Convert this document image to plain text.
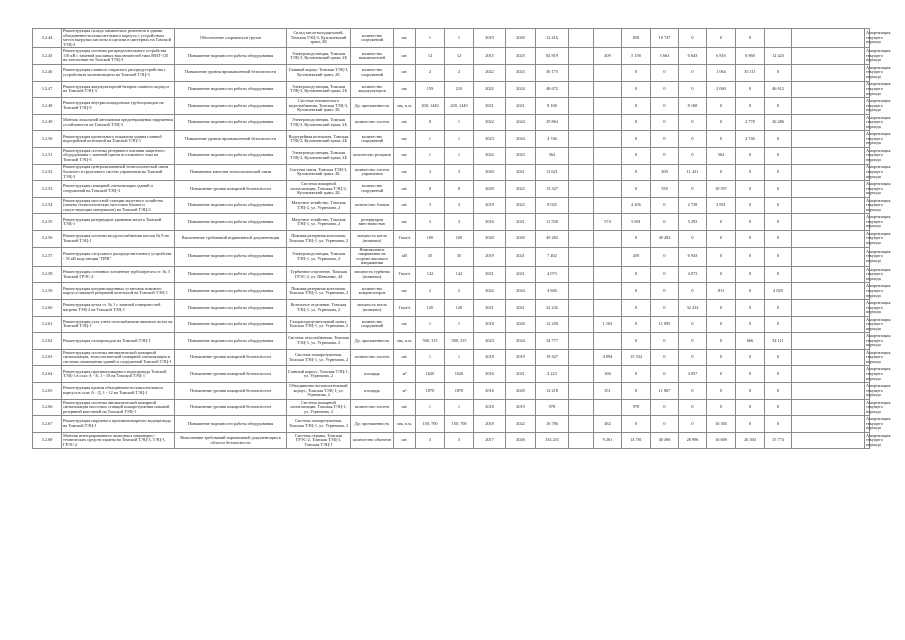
3.2.44	Реконструкция склада химических реагентов в здании объединенно-вспомогательного корпуса с устройством места выгрузки кислоты и щелочи в цистернах на Томской ТЭЦ-3	Обеспечение сохранности грузов	Склад кислотоподщелочей, Томская ТЭЦ-3, Кузовлевский тракт, 2Б	количество сооружений	шт.	1	1	2019	2020	12 416			850	10 747	0	0	0			Амортизация текущего периода
3.2.45	Реконструкция системы распределительного устройства 110 кВ с заменой масляных выключателей типа ВМТ-110 на элегазовые на Томской ТЭЦ-3	Повышение надежности работы оборудования	Электроподстанция, Томская ТЭЦ-3, Кузовлевский тракт, 2Б	количество выключателей	шт.	12	12	2015	2025	82 819		409	5 158	5 663	6 643	6 816	6 960	12 423		Амортизация текущего периода
3.2.46	Реконструкция главного открытого распредустройства с устройством молниезащиты на Томской ТЭЦ-3	Повышение уровня промышленной безопасности	Главный корпус Томская ТЭЦ-3, Кузовлевский тракт, 2Б	количество сооружений	шт.	2	2	2022	2023	36 175			0	0	0	1 064	35 111	0		Амортизация текущего периода
3.2.47	Реконструкция аккумуляторной батареи главного корпуса на Томской ТЭЦ-3	Повышение надежности работы оборудования	Электроподстанция, Томская ТЭЦ-3, Кузовлевский тракт, 2Б	количество аккумуляторов	шт.	159	210	2022	2024	48 672			0	0	0	2 060	0	46 612		Амортизация текущего периода
3.2.48	Реконструкция внутриплощадочных трубопроводов на Томской ТЭЦ-3	Повышение надежности работы оборудования	Система технического водоснабжения, Томская ТЭЦ-3, Кузовлевский тракт, 2Б	Ду, протяженность	мм, п.м.	200, 1440	200, 1440	2021	2021	8 168			0	0	8 168	0	0	0		Амортизация текущего периода
3.2.49	Монтаж локальной автоматики предотвращения нарушения устойчивости на Томской ТЭЦ-3	Повышение надежности работы оборудования	Электроподстанция, Томская ТЭЦ-3, Кузовлевский тракт, 2Б	количество систем	шт.	0	1	2022	2024	29 864			0	0	0	0	2 778	26 286		Амортизация текущего периода
3.2.50	Реконструкция кровельного покрытия здания главной водогрейной котельной на Томской ТЭЦ-3	Повышение уровня промышленной безопасности	Водогрейная котельная, Томская ТЭЦ-3, Кузовлевский тракт, 2Б	количество сооружений	шт.	1	1	2023	2024	4 746			0	0	0	0	4 746	0		Амортизация текущего периода
3.2.51	Реконструкция системы резервного питания защитного оборудования с заменой щитов постоянного тока на Томской ТЭЦ-3	Повышение надежности работы оборудования	Электроподстанция, Томская ТЭЦ-3, Кузовлевский тракт, 2Б	количество резервов	шт.	1	1	2022	2023	562			0	0	0	562	0	0		Амортизация текущего периода
3.2.52	Реконструкция централизованной технологической связи блочного и группового систем управления на Томской ТЭЦ-3	Повышение качества технологической связи	Система связи, Томская ТЭЦ-3, Кузовлевский тракт, 2Б	количество систем управления	шт.	3	3	2020	2021	11 621			0	200	11 421	0	0	0		Амортизация текущего периода
3.2.53	Реконструкция пожарной сигнализации зданий и сооружений на Томской ТЭЦ-3	Повышение уровня пожарной безопасности	Система пожарной сигнализации, Томская ТЭЦ-3, Кузовлевский тракт, 2Б	количество сооружений	шт.	8	8	2020	2022	13 327			0	559	0	10 597	0	0		Амортизация текущего периода
3.2.54	Реконструкция насосной станции мазутного хозяйства (замена технологических насосных блоков и сопутствующих материалов) на Томской ТЭЦ-2	Повышение надежности работы оборудования	Мазутное хозяйство, Томская ТЭЦ-2, ул. Угрюмова, 2	количество блоков	шт.	3	3	2019	2022	8 025			2 456	0	2 728	2 851	0	0		Амортизация текущего периода
3.2.55	Реконструкция резервуаров хранения мазута Томской ТЭЦ-1	Повышение надежности работы оборудования	Мазутное хозяйство, Томская ТЭЦ-1, ул. Угрюмова, 2	резервуаров вместимостью	шт.	3	3	2016	2021	11 558		574	5 691	0	5 293	0	0	0		Амортизация текущего периода
3.2.56	Реконструкция системы воздухоснабжения котлов № 8 на Томской ТЭЦ-1	Выполнение требований нормативной документации	Пиковая резервная котельная, Томская ТЭЦ-1, ул. Угрюмова, 2	мощность котла (номинал)	Гкал/ч	100	100	2020	2020	49 282			0	49 282	0	0	0	0		Амортизация текущего периода
3.2.57	Реконструкция отпускного распределительного устройства - 35 кВ подстанции "ПРК"	Повышение надежности работы оборудования	Электроподстанция, Томская ТЭЦ-1, ул. Угрюмова, 2	Номинальное напряжение на стороне высокого напряжения	кВ	35	35	2019	2021	7 402			459	0	6 943	0	0	0		Амортизация текущего периода
3.2.58	Реконструкция основных элементов турбоагрегата ст. № 3 Томской ГРЭС-2	Повышение надежности работы оборудования	Турбинное отделение, Томская ГРЭС-2, ул. Шевченко, 44	мощность турбины (номинал)	Гкал/ч	142	142	2021	2021	4 073			0	0	4 073	0	0	0		Амортизация текущего периода
3.2.59	Реконструкция конденсационных установок пикового корпуса пиковой резервной котельной на Томской ТЭЦ-1	Повышение надежности работы оборудования	Пиковая резервная котельная, Томская ТЭЦ-1, ул. Угрюмова, 2	количество конденсаторов	шт.	2	2	2022	2024	4 840			0	0	0	811	0	4 029		Амортизация текущего периода
3.2.60	Реконструкция котла ст. № 1 с заменой поверхностей нагрева ТЭЦ-2 на Томской ТЭЦ-1	Повышение надежности работы оборудования	Котельное отделение, Томская ТЭЦ-1, ул. Угрюмова, 2	мощность котла (номинал)	Гкал/ч	120	120	2021	2021	32 232			0	0	32 232	0	0	0		Амортизация текущего периода
3.2.61	Реконструкция узла учета газоснабжения пикового котла на Томской ТЭЦ-1	Повышение надежности работы оборудования	Газораспределительный пункт, Томская ТЭЦ-1, ул. Угрюмова, 2	количество сооружений	шт.	1	1	2018	2020	12 258		1 163	0	11 095	0	0	0	0		Амортизация текущего периода
3.2.62	Реконструкция газопроводов на Томской ТЭЦ-1	Повышение надежности работы оборудования	Система газоснабжения, Томская ТЭЦ-1, ул. Угрюмова, 2	Ду, протяженность	мм, п.м.	500, 315	500, 315	2023	2024	34 777			0	0	0	0	666	34 111		Амортизация текущего периода
3.2.63	Реконструкция системы автоматической пожарной сигнализации, технологической пожарной сигнализации и системы оповещения зданий и сооружений Томской ТЭЦ-1	Повышение уровня пожарной безопасности	Система пожаротушения, Томская ТЭЦ-1, ул. Угрюмова, 2	количество систем	шт.	1	1	2018	2019	19 427		4 094	15 334	0	0	0	0	0		Амортизация текущего периода
3.2.64	Реконструкция противопожарного водопровода Томской ТЭЦ-1 в осях А - Е, 1 - 10 на Томской ТЭЦ-1	Повышение уровня пожарной безопасности	Главный корпус, Томская ТЭЦ-1, ул. Угрюмова, 2	площадь	м²	1620	1620	2016	2021	4 223		166	0	0	4 057	0	0	0		Амортизация текущего периода
3.2.65	Реконструкция кровли объединенно-вспомогательного корпуса в осях А - Д, 1 - 12 на Томской ТЭЦ-1	Повышение уровня пожарной безопасности	Объединенно-вспомогательный корпус, Томская ТЭЦ-1, ул. Угрюмова, 2	площадь	м²	1870	1870	2016	2020	12 218		351	0	11 867	0	0	0	0		Амортизация текущего периода
3.2.66	Реконструкция системы автоматической пожарной сигнализации насосных станций пожаротушения пиковой резервной котельной на Томской ТЭЦ-1	Повышение уровня пожарной безопасности	Система пожарной сигнализации, Томская ТЭЦ-1, ул. Угрюмова, 2	количество систем	шт.	1	1	2018	2019	978			978	0	0	0	0	0		Амортизация текущего периода
3.2.67	Реконструкция наружного противопожарного водопровода на Томской ТЭЦ-1	Повышение надежности работы оборудования	Система пожаротушения, Томская ТЭЦ-1, ул. Угрюмова, 2	Ду, протяженность	мм, п.м.	150, 700	150, 700	2018	2022	16 786		482	0	0	0	16 305	0	0		Амортизация текущего периода
3.2.68	Монтаж интегрированного комплекса инженерно - технических средств охраны на Томской ТЭЦ-3, ТЭЦ-1, ГРЭС-2	Выполнение требований нормативной документации в области безопасности	Система охраны, Томская ГРЭС-2, Томская ТЭЦ-3, Томская ТЭЦ-1	количество объектов	шт.	3	3	2017	2026	154 231		9 261	14 781	40 496	26 996	16 609	26 304	15 774		Амортизация текущего периода
